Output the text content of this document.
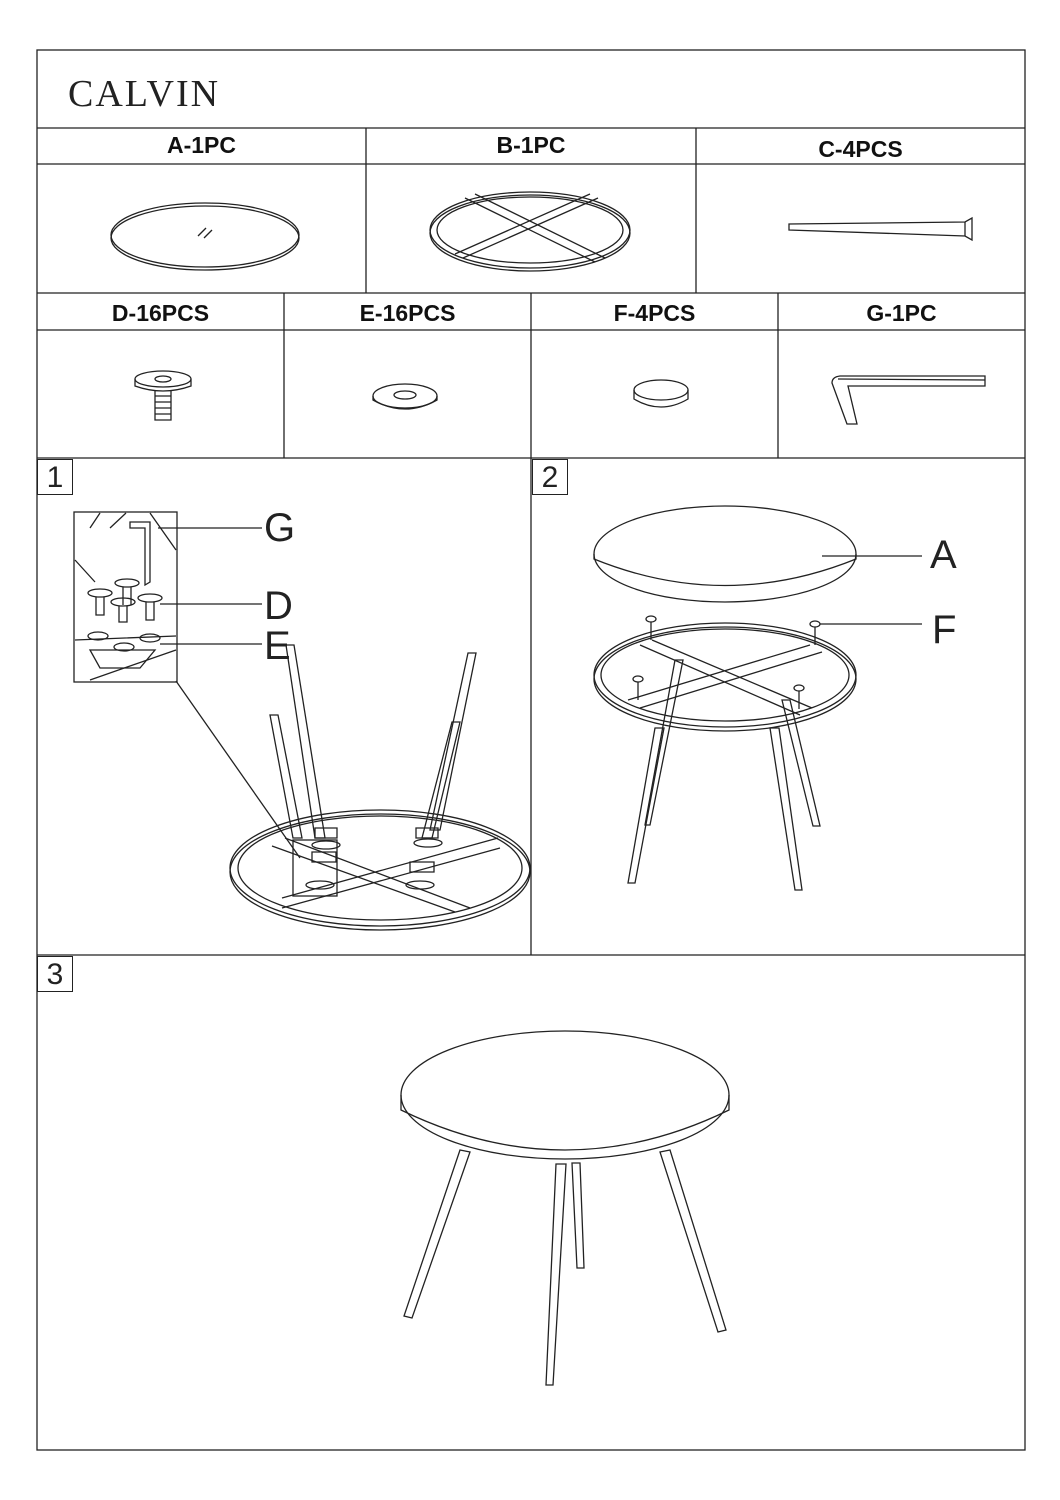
CALVIN
A-1PC	B-1PC	C-4PCS
D-16PCS	E-16PCS	F-4PCS	G-1PC
1	2
3
G
D
E
A
F
